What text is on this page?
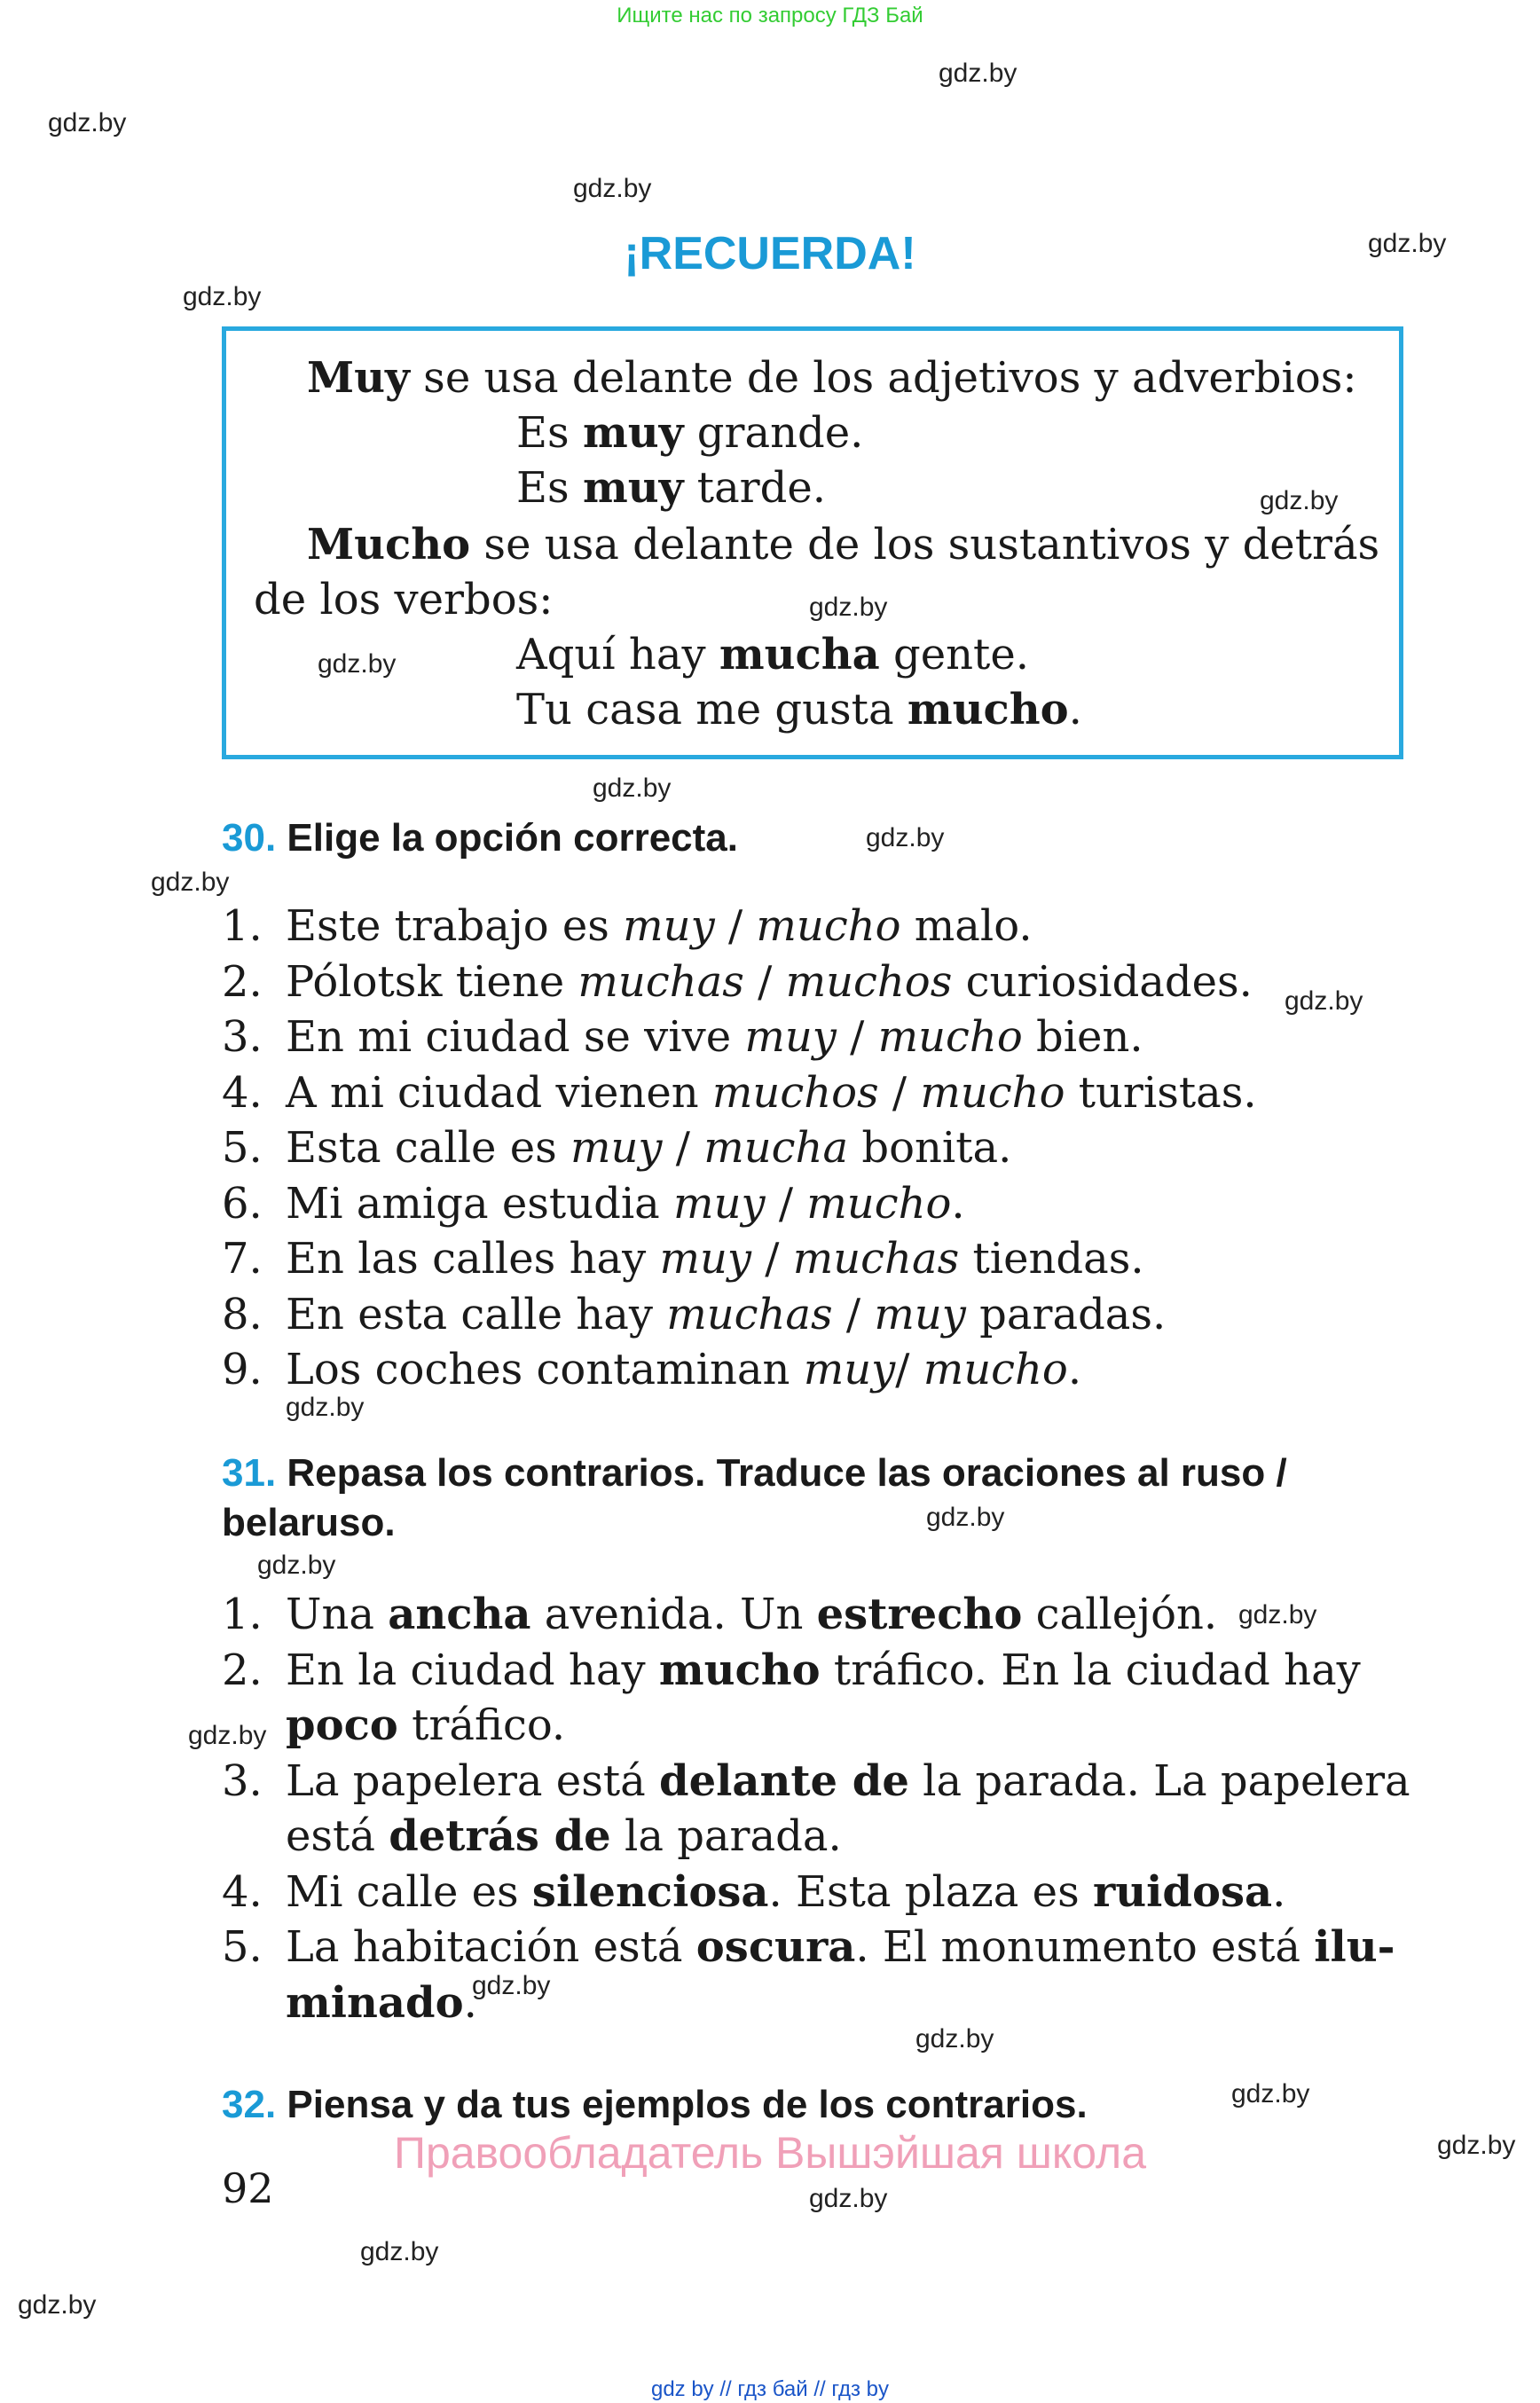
Ищите нас по запросу ГДЗ Бай
gdz.by
gdz.by
gdz.by
gdz.by
gdz.by
gdz.by
gdz.by
gdz.by
gdz.by
gdz.by
gdz.by
gdz.by
gdz.by
gdz.by
gdz.by
gdz.by
gdz.by
gdz.by
gdz.by
gdz.by
gdz.by
gdz.by
gdz.by
gdz.by
¡RECUERDA!
Muy se usa delante de los adjetivos y adverbios:
Es muy grande.
Es muy tarde.
Mucho se usa delante de los sustantivos y detrás
de los verbos:
Aquí hay mucha gente.
Tu casa me gusta mucho.
30. Elige la opción correcta.
1. Este trabajo es muy / mucho malo.
2. Pólotsk tiene muchas / muchos curiosidades.
3. En mi ciudad se vive muy / mucho bien.
4. A mi ciudad vienen muchos / mucho turistas.
5. Esta calle es muy / mucha bonita.
6. Mi amiga estudia muy / mucho.
7. En las calles hay muy / muchas tiendas.
8. En esta calle hay muchas / muy paradas.
9. Los coches contaminan muy/ mucho.
31. Repasa los contrarios. Traduce las oraciones al ruso /
belaruso.
1. Una ancha avenida. Un estrecho callejón.
2. En la ciudad hay mucho tráfico. En la ciudad hay
poco tráfico.
3. La papelera está delante de la parada. La papelera
está detrás de la parada.
4. Mi calle es silenciosa. Esta plaza es ruidosa.
5. La habitación está oscura. El monumento está ilu-
minado.
32. Piensa y da tus ejemplos de los contrarios.
Правообладатель Вышэйшая школа
92
gdz by // гдз бай // гдз by
